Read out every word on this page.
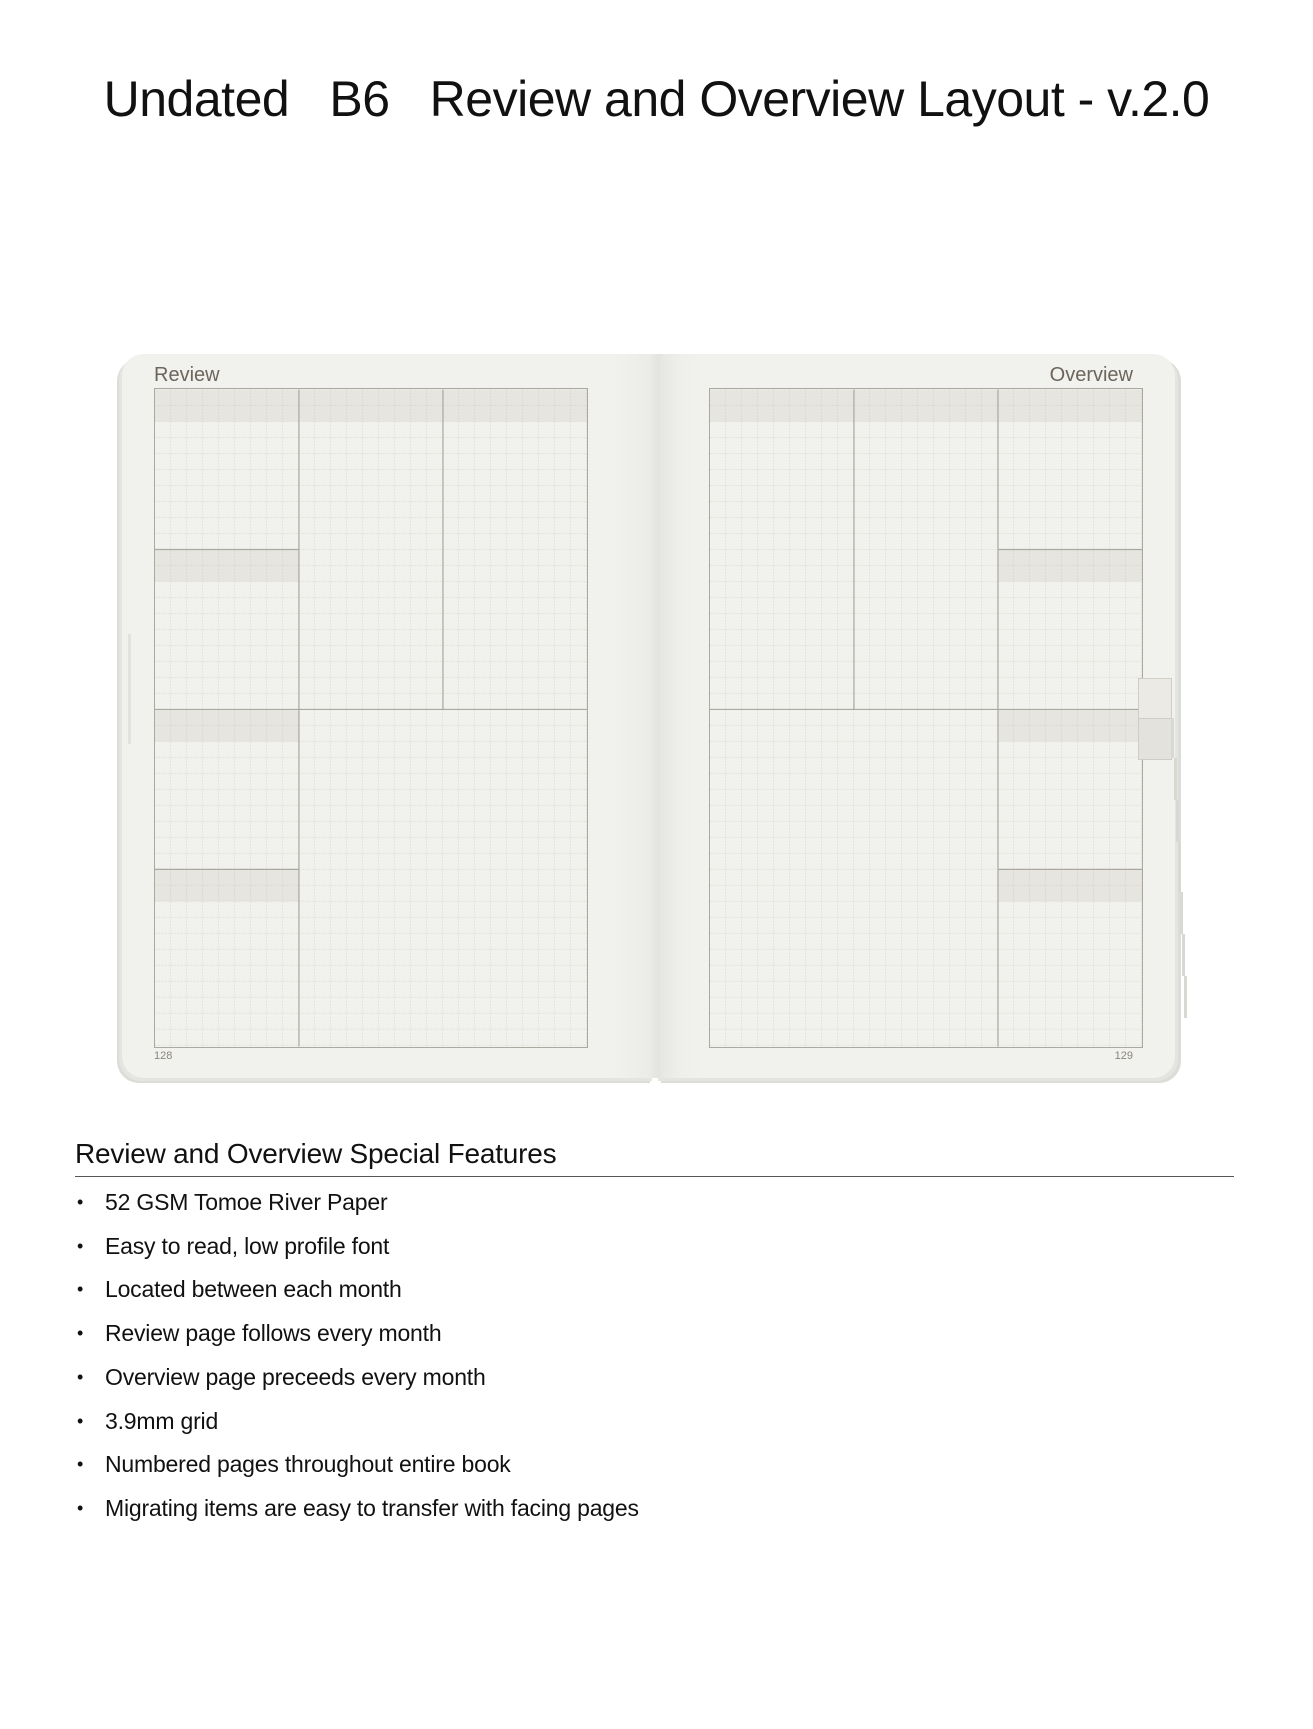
Undated   B6   Review and Overview Layout - v.2.0
Review
128
Overview
129
Review and Overview Special Features
• 52 GSM Tomoe River Paper
• Easy to read, low profile font
• Located between each month
• Review page follows every month
• Overview page preceeds every month
• 3.9mm grid
• Numbered pages throughout entire book
• Migrating items are easy to transfer with facing pages
